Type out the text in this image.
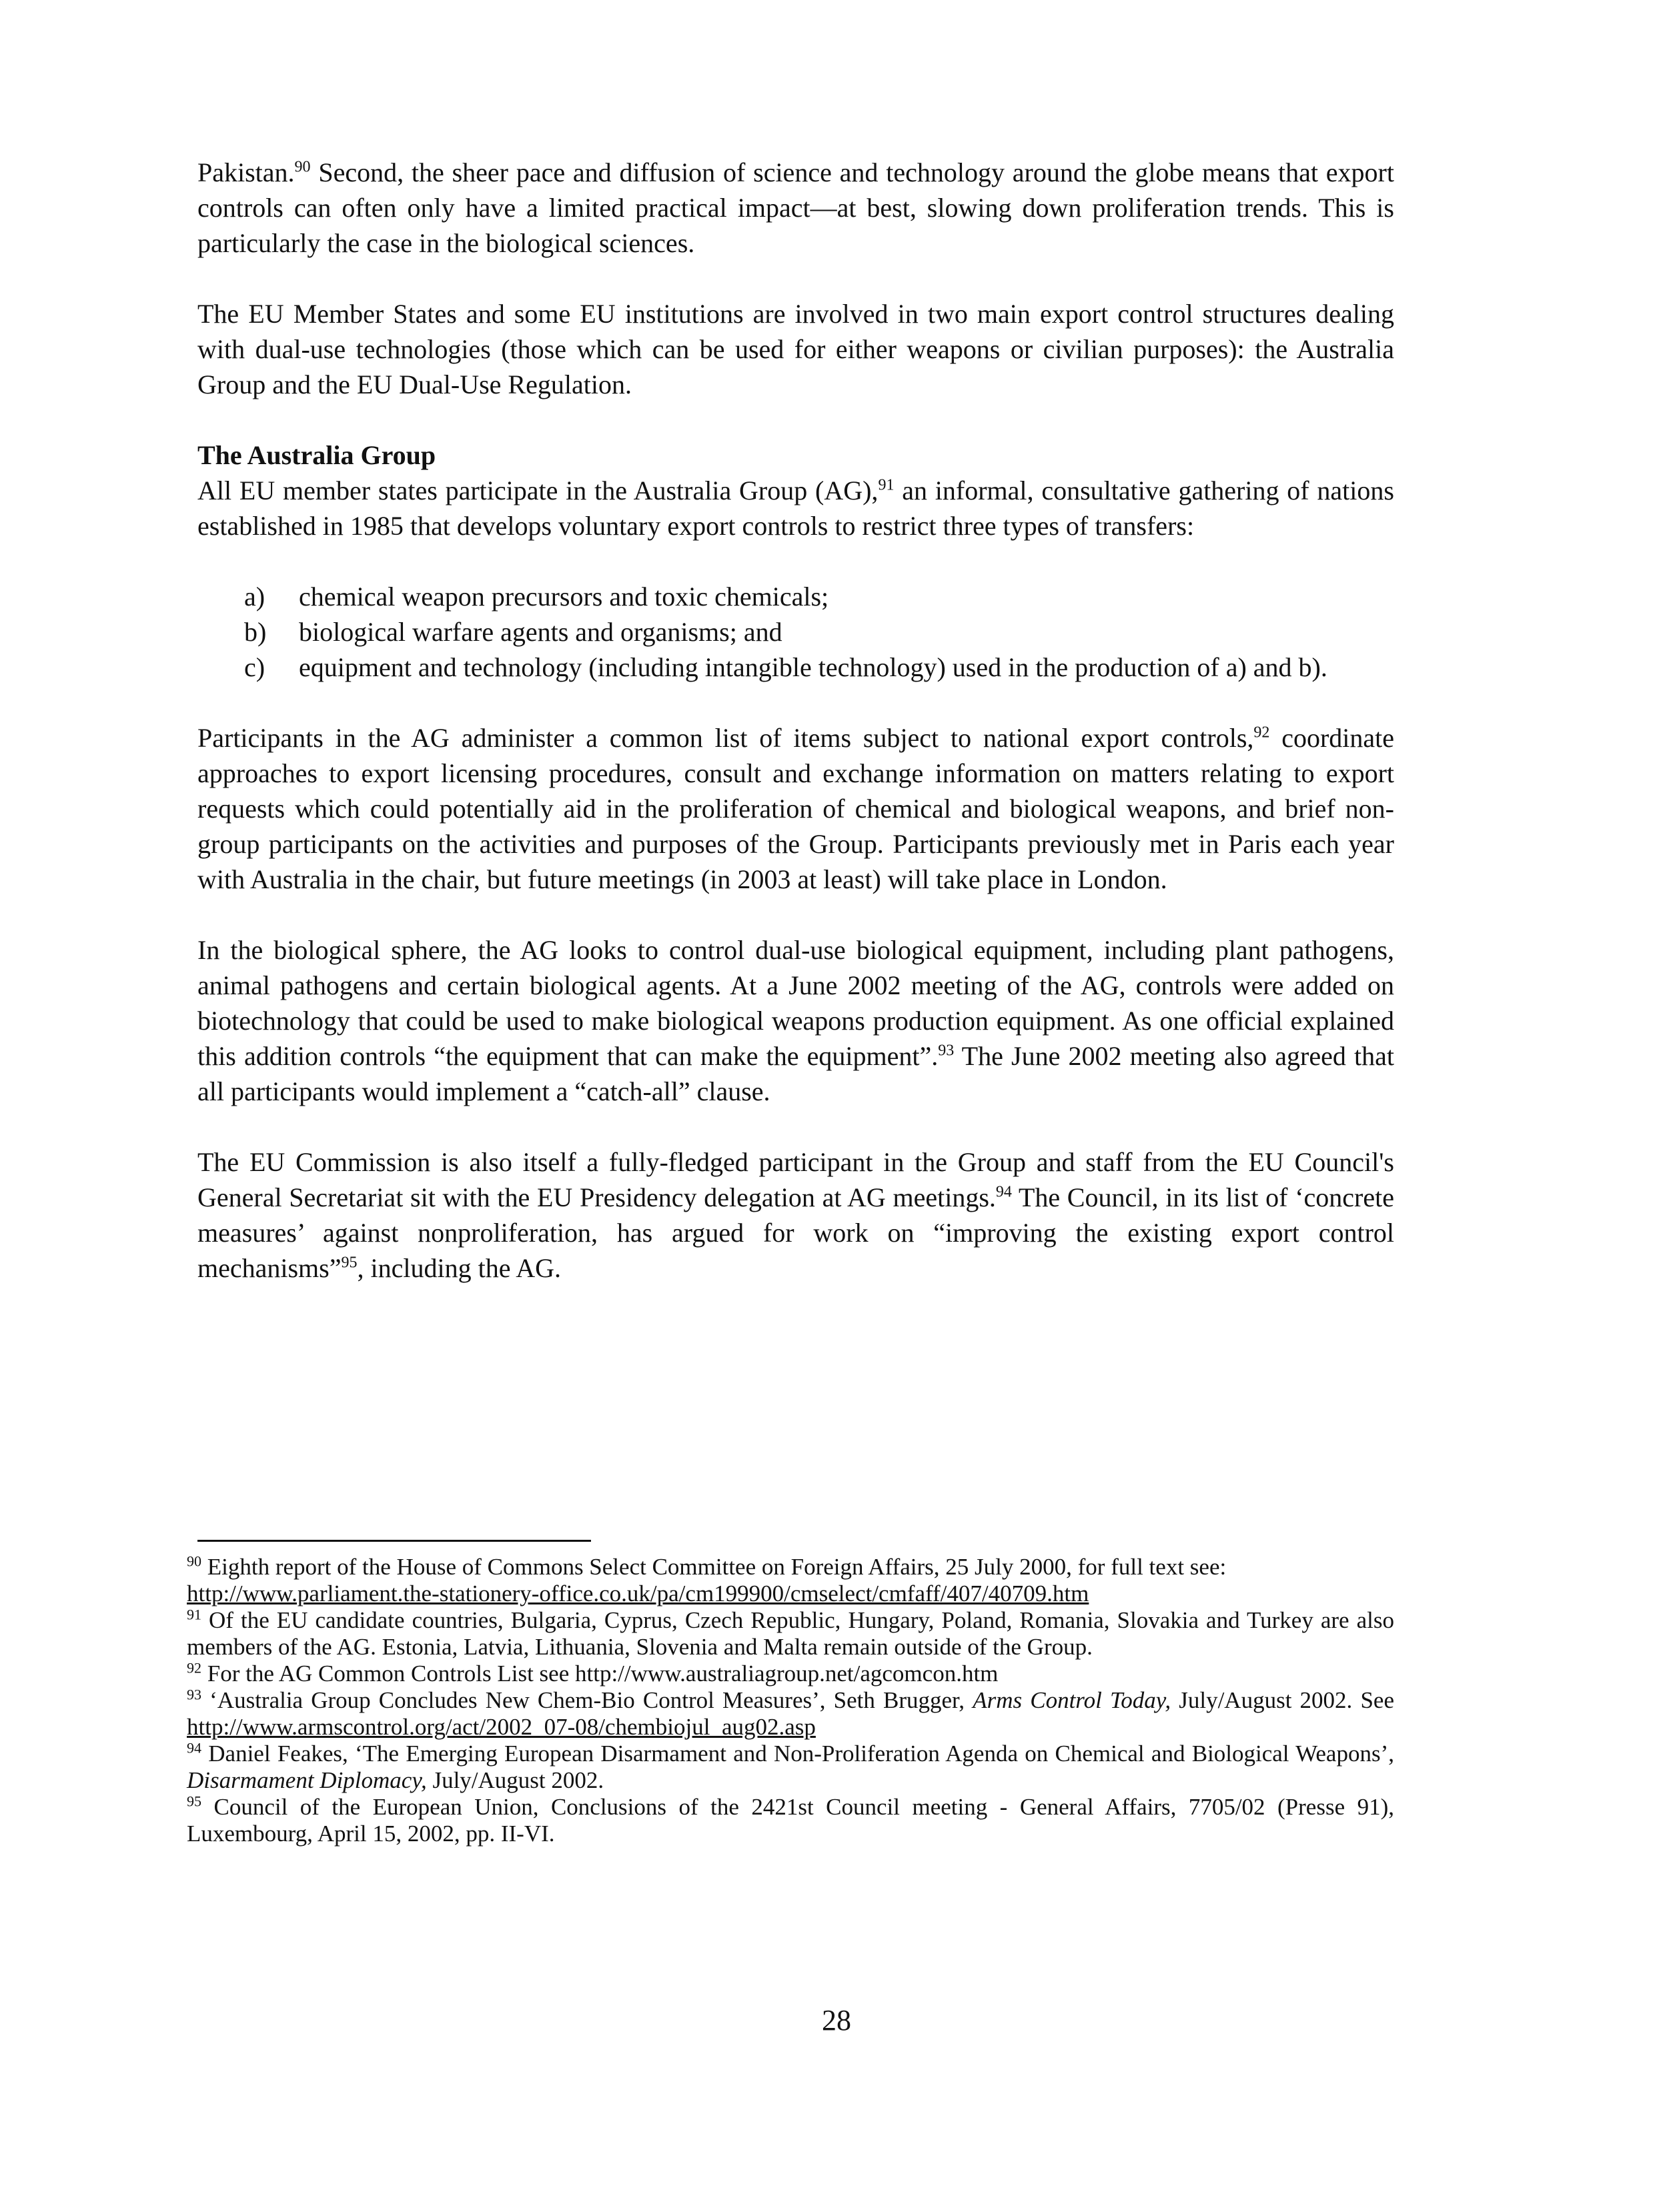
Pakistan.$^{90}$ Second, the sheer pace and diffusion of science and technology around the globe means that export controls can often only have a limited practical impact—at best, slowing down proliferation trends. This is particularly the case in the biological sciences.

The EU Member States and some EU institutions are involved in two main export control structures dealing with dual-use technologies (those which can be used for either weapons or civilian purposes): the Australia Group and the EU Dual-Use Regulation.

The Australia Group

All EU member states participate in the Australia Group (AG),$^{91}$ an informal, consultative gathering of nations established in 1985 that develops voluntary export controls to restrict three types of transfers:

a) chemical weapon precursors and toxic chemicals;
b) biological warfare agents and organisms; and
c) equipment and technology (including intangible technology) used in the production of a) and b).

Participants in the AG administer a common list of items subject to national export controls,$^{92}$ coordinate approaches to export licensing procedures, consult and exchange information on matters relating to export requests which could potentially aid in the proliferation of chemical and biological weapons, and brief non-group participants on the activities and purposes of the Group. Participants previously met in Paris each year with Australia in the chair, but future meetings (in 2003 at least) will take place in London.

In the biological sphere, the AG looks to control dual-use biological equipment, including plant pathogens, animal pathogens and certain biological agents. At a June 2002 meeting of the AG, controls were added on biotechnology that could be used to make biological weapons production equipment. As one official explained this addition controls “the equipment that can make the equipment”.$^{93}$ The June 2002 meeting also agreed that all participants would implement a “catch-all” clause.

The EU Commission is also itself a fully-fledged participant in the Group and staff from the EU Council's General Secretariat sit with the EU Presidency delegation at AG meetings.$^{94}$ The Council, in its list of ‘concrete measures’ against nonproliferation, has argued for work on “improving the existing export control mechanisms”$^{95}$, including the AG.

$^{90}$ Eighth report of the House of Commons Select Committee on Foreign Affairs, 25 July 2000, for full text see:
http://www.parliament.the-stationery-office.co.uk/pa/cm199900/cmselect/cmfaff/407/40709.htm

$^{91}$ Of the EU candidate countries, Bulgaria, Cyprus, Czech Republic, Hungary, Poland, Romania, Slovakia and Turkey are also members of the AG. Estonia, Latvia, Lithuania, Slovenia and Malta remain outside of the Group.

$^{92}$ For the AG Common Controls List see http://www.australiagroup.net/agcomcon.htm

$^{93}$ ‘Australia Group Concludes New Chem-Bio Control Measures’, Seth Brugger, Arms Control Today, July/August 2002. See http://www.armscontrol.org/act/2002_07-08/chembiojul_aug02.asp

$^{94}$ Daniel Feakes, ‘The Emerging European Disarmament and Non-Proliferation Agenda on Chemical and Biological Weapons’, Disarmament Diplomacy, July/August 2002.

$^{95}$ Council of the European Union, Conclusions of the 2421st Council meeting - General Affairs, 7705/02 (Presse 91), Luxembourg, April 15, 2002, pp. II-VI.

28
